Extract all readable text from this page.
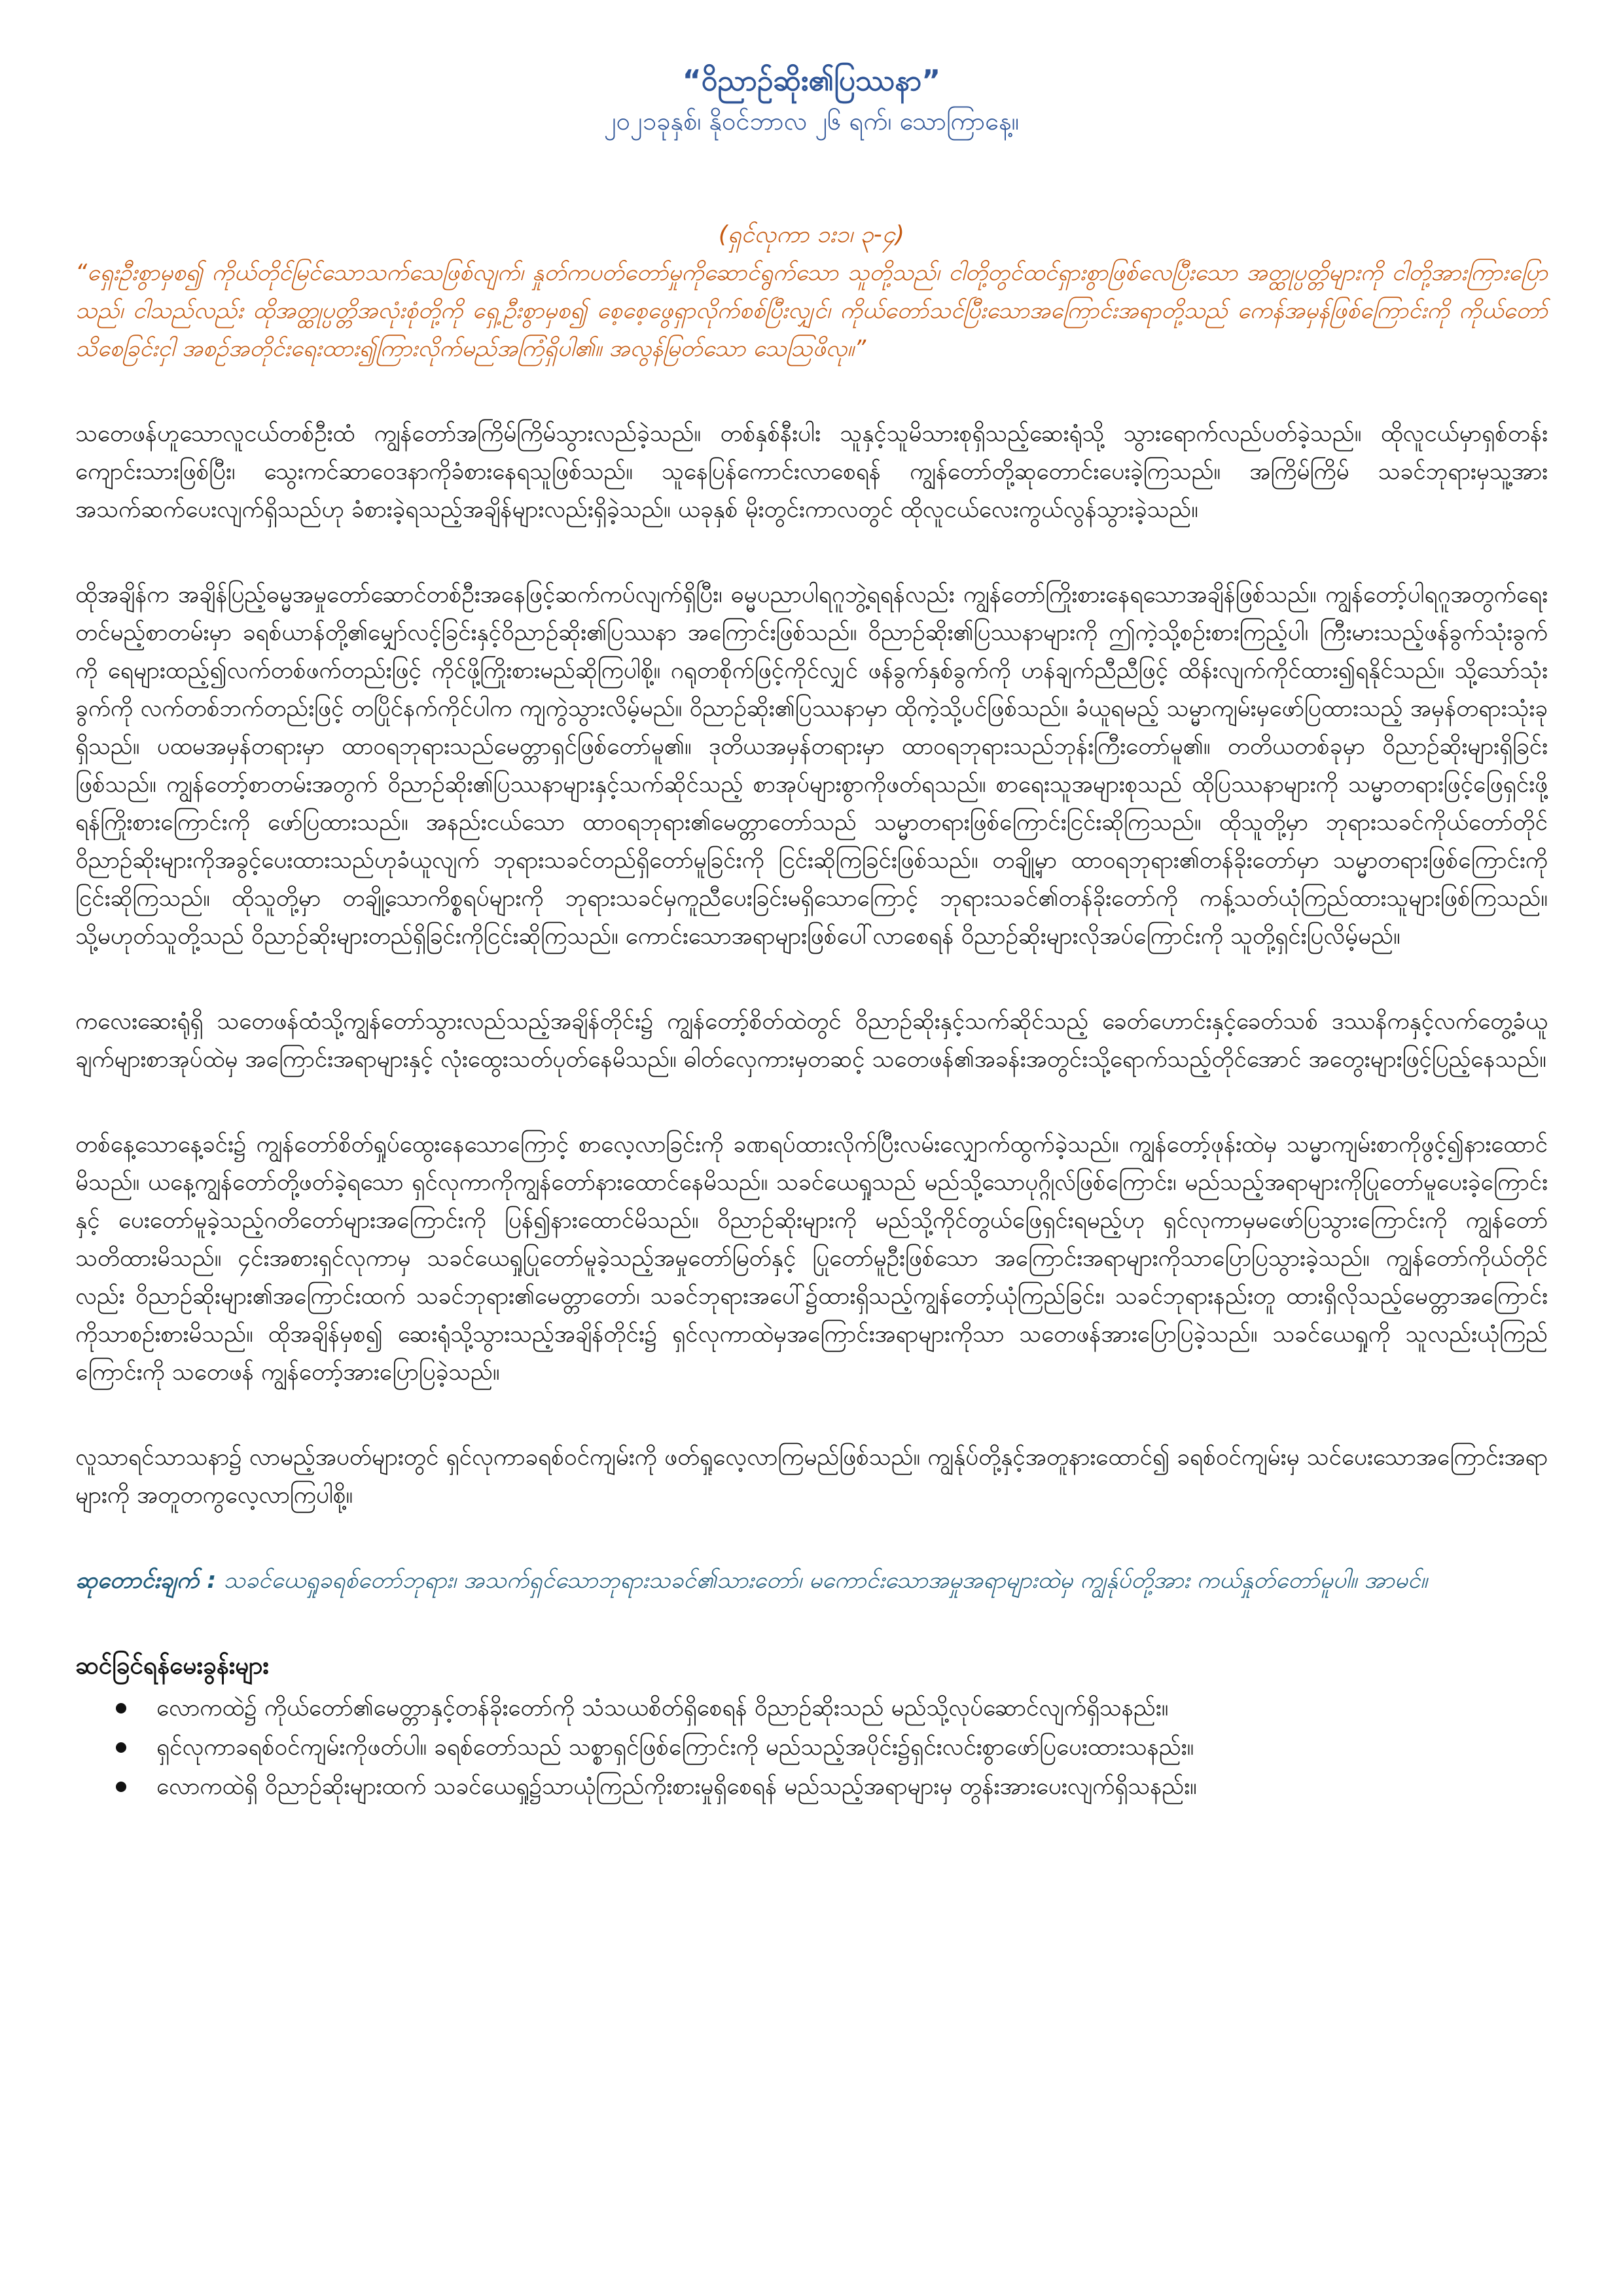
“ဝိညာဉ်ဆိုး၏ပြဿနာ”

၂၀၂၁ခုနှစ်၊ နိုဝင်ဘာလ ၂၆ ရက်၊ သောကြာနေ့။

(ရှင်လုကာ ၁း၁၊ ၃-၄)

“ရှေးဦးစွာမှစ၍ ကိုယ်တိုင်မြင်သောသက်သေဖြစ်လျက်၊ နှုတ်ကပတ်တော်မှုကိုဆောင်ရွက်သော သူတို့သည်၊ ငါတို့တွင်ထင်ရှားစွာဖြစ်လေပြီးသော အတ္ထုပ္ပတ္တိများကို ငါတို့အားကြားပြောသည်၊ ငါသည်လည်း ထိုအတ္ထုပ္ပတ္တိအလုံးစုံတို့ကို ရှေ့ဦးစွာမှစ၍ စေ့စေ့ဖွေရှာလိုက်စစ်ပြီးလျှင်၊ ကိုယ်တော်သင်ပြီးသောအကြောင်းအရာတို့သည် ကေန်အမှန်ဖြစ်ကြောင်းကို ကိုယ်တော်သိစေခြင်းငှါ အစဉ်အတိုင်းရေးထား၍ကြားလိုက်မည်အကြံရှိပါ၏။ အလွန်မြတ်သော သေဩဖိလု။”

သတေဖန်ဟူသောလူငယ်တစ်ဦးထံ ကျွန်တော်အကြိမ်ကြိမ်သွားလည်ခဲ့သည်။ တစ်နှစ်နီးပါး သူနှင့်သူမိသားစုရှိသည့်ဆေးရုံသို့ သွားရောက်လည်ပတ်ခဲ့သည်။ ထိုလူငယ်မှာရှစ်တန်းကျောင်းသားဖြစ်ပြီး၊ သွေးကင်ဆာဝေဒနာကိုခံစားနေရသူဖြစ်သည်။ သူနေပြန်ကောင်းလာစေရန် ကျွန်တော်တို့ဆုတောင်းပေးခဲ့ကြသည်။ အကြိမ်ကြိမ် သခင်ဘုရားမှသူ့အား အသက်ဆက်ပေးလျက်ရှိသည်ဟု ခံစားခဲ့ရသည့်အချိန်များလည်းရှိခဲ့သည်။ ယခုနှစ် မိုးတွင်းကာလတွင် ထိုလူငယ်လေးကွယ်လွန်သွားခဲ့သည်။

ထိုအချိန်က အချိန်ပြည့်ဓမ္မအမှုတော်ဆောင်တစ်ဦးအနေဖြင့်ဆက်ကပ်လျက်ရှိပြီး၊ ဓမ္မပညာပါရဂူဘွဲ့ရရန်လည်း ကျွန်တော်ကြိုးစားနေရသောအချိန်ဖြစ်သည်။ ကျွန်တော့်ပါရဂူအတွက်ရေးတင်မည့်စာတမ်းမှာ ခရစ်ယာန်တို့၏မျှော်လင့်ခြင်းနှင့်ဝိညာဉ်ဆိုး၏ပြဿနာ အကြောင်းဖြစ်သည်။ ဝိညာဉ်ဆိုး၏ပြဿနာများကို ဤကဲ့သို့စဉ်းစားကြည့်ပါ၊ ကြီးမားသည့်ဖန်ခွက်သုံးခွက်ကို ရေများထည့်၍လက်တစ်ဖက်တည်းဖြင့် ကိုင်ဖို့ကြိုးစားမည်ဆိုကြပါစို့။ ဂရုတစိုက်ဖြင့်ကိုင်လျှင် ဖန်ခွက်နှစ်ခွက်ကို ဟန်ချက်ညီညီဖြင့် ထိန်းလျက်ကိုင်ထား၍ရနိုင်သည်။ သို့သော်သုံးခွက်ကို လက်တစ်ဘက်တည်းဖြင့် တပြိုင်နက်ကိုင်ပါက ကျကွဲသွားလိမ့်မည်။ ဝိညာဉ်ဆိုး၏ပြဿနာမှာ ထိုကဲ့သို့ပင်ဖြစ်သည်။ ခံယူရမည့် သမ္မာကျမ်းမှဖော်ပြထားသည့် အမှန်တရားသုံးခုရှိသည်။ ပထမအမှန်တရားမှာ ထာဝရဘုရားသည်မေတ္တာရှင်ဖြစ်တော်မူ၏။ ဒုတိယအမှန်တရားမှာ ထာဝရဘုရားသည်ဘုန်းကြီးတော်မူ၏။ တတိယတစ်ခုမှာ ဝိညာဉ်ဆိုးများရှိခြင်းဖြစ်သည်။ ကျွန်တော့်စာတမ်းအတွက် ဝိညာဉ်ဆိုး၏ပြဿနာများနှင့်သက်ဆိုင်သည့် စာအုပ်များစွာကိုဖတ်ရသည်။ စာရေးသူအများစုသည် ထိုပြဿနာများကို သမ္မာတရားဖြင့်ဖြေရှင်းဖို့ရန်ကြိုးစားကြောင်းကို ဖော်ပြထားသည်။ အနည်းငယ်သော ထာဝရဘုရား၏မေတ္တာတော်သည် သမ္မာတရားဖြစ်ကြောင်းငြင်းဆိုကြသည်။ ထိုသူတို့မှာ ဘုရားသခင်ကိုယ်တော်တိုင် ဝိညာဉ်ဆိုးများကိုအခွင့်ပေးထားသည်ဟုခံယူလျက် ဘုရားသခင်တည်ရှိတော်မူခြင်းကို ငြင်းဆိုကြခြင်းဖြစ်သည်။ တချို့မှာ ထာဝရဘုရား၏တန်ခိုးတော်မှာ သမ္မာတရားဖြစ်ကြောင်းကိုငြင်းဆိုကြသည်။ ထိုသူတို့မှာ တချို့သောကိစ္စရပ်များကို ဘုရားသခင်မှကူညီပေးခြင်းမရှိသောကြောင့် ဘုရားသခင်၏တန်ခိုးတော်ကို ကန့်သတ်ယုံကြည်ထားသူများဖြစ်ကြသည်။ သို့မဟုတ်သူတို့သည် ဝိညာဉ်ဆိုးများတည်ရှိခြင်းကိုငြင်းဆိုကြသည်။ ကောင်းသောအရာများဖြစ်ပေါ်လာစေရန် ဝိညာဉ်ဆိုးများလိုအပ်ကြောင်းကို သူတို့ရှင်းပြလိမ့်မည်။

ကလေးဆေးရုံရှိ သတေဖန်ထံသို့ကျွန်တော်သွားလည်သည့်အချိန်တိုင်း၌ ကျွန်တော့်စိတ်ထဲတွင် ဝိညာဉ်ဆိုးနှင့်သက်ဆိုင်သည့် ခေတ်ဟောင်းနှင့်ခေတ်သစ် ဒဿနိကနှင့်လက်တွေ့ခံယူချက်များစာအုပ်ထဲမှ အကြောင်းအရာများနှင့် လုံးထွေးသတ်ပုတ်နေမိသည်။ ဓါတ်လှေကားမှတဆင့် သတေဖန်၏အခန်းအတွင်းသို့ရောက်သည့်တိုင်အောင် အတွေးများဖြင့်ပြည့်နေသည်။

တစ်နေ့သောနေ့ခင်း၌ ကျွန်တော်စိတ်ရှုပ်ထွေးနေသောကြောင့် စာလေ့လာခြင်းကို ခဏရပ်ထားလိုက်ပြီးလမ်းလျှောက်ထွက်ခဲ့သည်။ ကျွန်တော့်ဖုန်းထဲမှ သမ္မာကျမ်းစာကိုဖွင့်၍နားထောင်မိသည်။ ယနေ့ကျွန်တော်တို့ဖတ်ခဲ့ရသော ရှင်လုကာကိုကျွန်တော်နားထောင်နေမိသည်။ သခင်ယေရှုသည် မည်သို့သောပုဂ္ဂိုလ်ဖြစ်ကြောင်း၊ မည်သည့်အရာများကိုပြုတော်မူပေးခဲ့ကြောင်းနှင့် ပေးတော်မူခဲ့သည့်ဂတိတော်များအကြောင်းကို ပြန်၍နားထောင်မိသည်။ ဝိညာဉ်ဆိုးများကို မည်သို့ကိုင်တွယ်ဖြေရှင်းရမည့်ဟု ရှင်လုကာမှမဖော်ပြသွားကြောင်းကို ကျွန်တော်သတိထားမိသည်။ ၄င်းအစားရှင်လုကာမှ သခင်ယေရှုပြုတော်မူခဲ့သည့်အမှုတော်မြတ်နှင့် ပြုတော်မူဦးဖြစ်သော အကြောင်းအရာများကိုသာပြောပြသွားခဲ့သည်။ ကျွန်တော်ကိုယ်တိုင်လည်း ဝိညာဉ်ဆိုးများ၏အကြောင်းထက် သခင်ဘုရား၏မေတ္တာတော်၊ သခင်ဘုရားအပေါ်၌ထားရှိသည့်ကျွန်တော့်ယုံကြည်ခြင်း၊ သခင်ဘုရားနည်းတူ ထားရှိလိုသည့်မေတ္တာအကြောင်းကိုသာစဉ်းစားမိသည်။ ထိုအချိန်မှစ၍ ဆေးရုံသို့သွားသည့်အချိန်တိုင်း၌ ရှင်လုကာထဲမှအကြောင်းအရာများကိုသာ သတေဖန်အားပြောပြခဲ့သည်။ သခင်ယေရှုကို သူလည်းယုံကြည်ကြောင်းကို သတေဖန် ကျွန်တော့်အားပြောပြခဲ့သည်။

လူသာရင်သာသနာ၌ လာမည့်အပတ်များတွင် ရှင်လုကာခရစ်ဝင်ကျမ်းကို ဖတ်ရှုလေ့လာကြမည်ဖြစ်သည်။ ကျွန်ုပ်တို့နှင့်အတူနားထောင်၍ ခရစ်ဝင်ကျမ်းမှ သင်ပေးသောအကြောင်းအရာများကို အတူတကွလေ့လာကြပါစို့။

ဆုတောင်းချက် : သခင်ယေရှုခရစ်တော်ဘုရား၊ အသက်ရှင်သောဘုရားသခင်၏သားတော်၊ မကောင်းသောအမှုအရာများထဲမှ ကျွန်ုပ်တို့အား ကယ်နှုတ်တော်မူပါ။ အာမင်။

ဆင်ခြင်ရန်မေးခွန်းများ

လောကထဲ၌ ကိုယ်တော်၏မေတ္တာနှင့်တန်ခိုးတော်ကို သံသယစိတ်ရှိစေရန် ဝိညာဉ်ဆိုးသည် မည်သို့လုပ်ဆောင်လျက်ရှိသနည်း။
ရှင်လုကာခရစ်ဝင်ကျမ်းကိုဖတ်ပါ။ ခရစ်တော်သည် သစ္စာရှင်ဖြစ်ကြောင်းကို မည်သည့်အပိုင်း၌ရှင်းလင်းစွာဖော်ပြပေးထားသနည်း။
လောကထဲရှိ ဝိညာဉ်ဆိုးများထက် သခင်ယေရှု၌သာယုံကြည်ကိုးစားမှုရှိစေရန် မည်သည့်အရာများမှ တွန်းအားပေးလျက်ရှိသနည်း။
